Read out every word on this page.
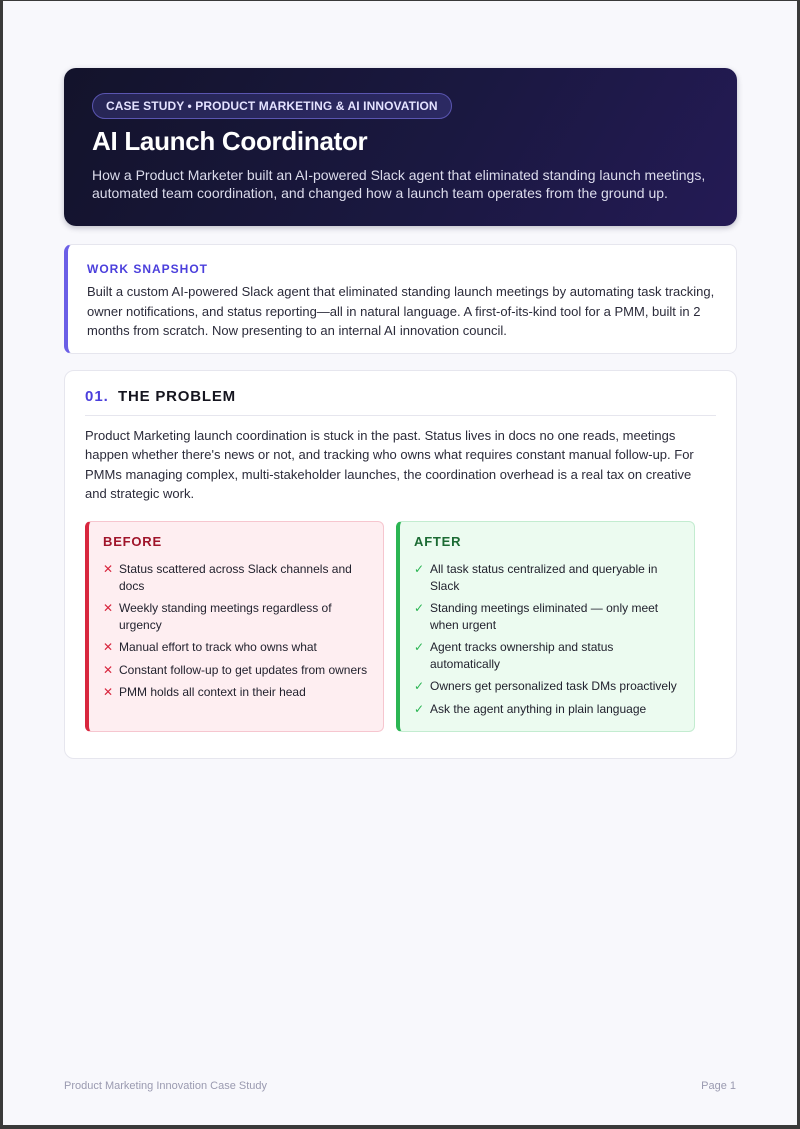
CASE STUDY • PRODUCT MARKETING & AI INNOVATION
AI Launch Coordinator
How a Product Marketer built an AI-powered Slack agent that eliminated standing launch meetings, automated team coordination, and changed how a launch team operates from the ground up.
WORK SNAPSHOT
Built a custom AI-powered Slack agent that eliminated standing launch meetings by automating task tracking, owner notifications, and status reporting—all in natural language. A first-of-its-kind tool for a PMM, built in 2 months from scratch. Now presenting to an internal AI innovation council.
01. THE PROBLEM
Product Marketing launch coordination is stuck in the past. Status lives in docs no one reads, meetings happen whether there's news or not, and tracking who owns what requires constant manual follow-up. For PMMs managing complex, multi-stakeholder launches, the coordination overhead is a real tax on creative and strategic work.
BEFORE
✕ Status scattered across Slack channels and docs
✕ Weekly standing meetings regardless of urgency
✕ Manual effort to track who owns what
✕ Constant follow-up to get updates from owners
✕ PMM holds all context in their head
AFTER
✓ All task status centralized and queryable in Slack
✓ Standing meetings eliminated — only meet when urgent
✓ Agent tracks ownership and status automatically
✓ Owners get personalized task DMs proactively
✓ Ask the agent anything in plain language
Product Marketing Innovation Case Study	Page 1
